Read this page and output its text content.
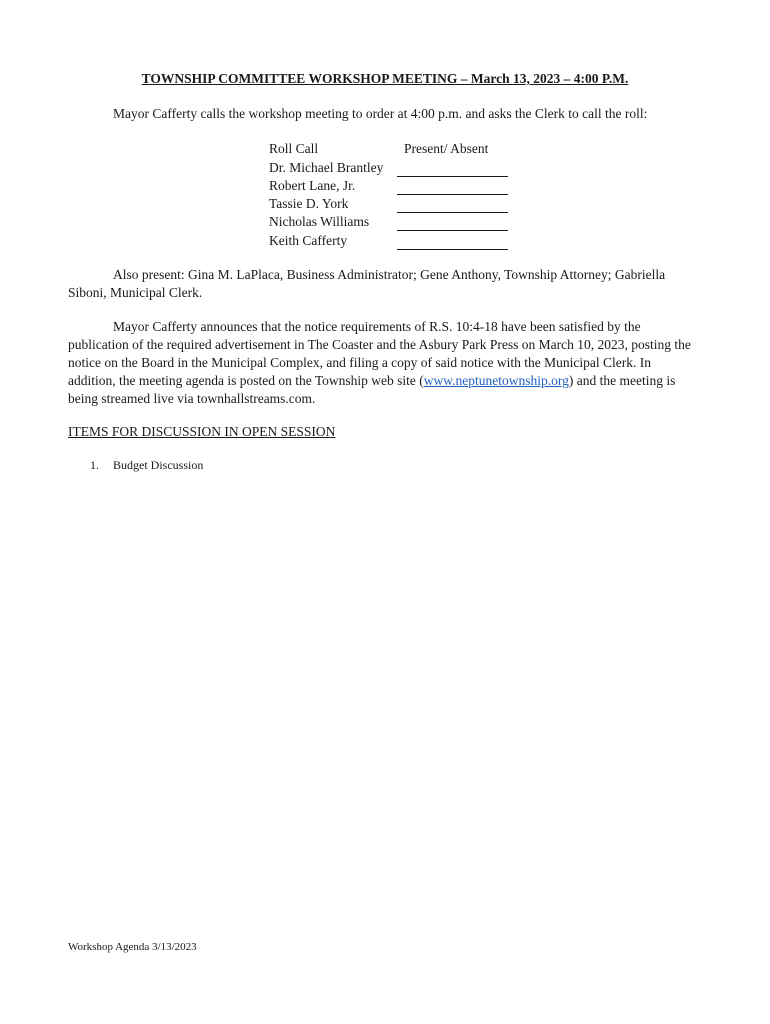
TOWNSHIP COMMITTEE WORKSHOP MEETING – March 13, 2023 – 4:00 P.M.

Mayor Cafferty calls the workshop meeting to order at 4:00 p.m. and asks the Clerk to call the roll:

Roll Call	Present/ Absent
Dr. Michael Brantley
Robert Lane, Jr.
Tassie D. York
Nicholas Williams
Keith Cafferty

Also present: Gina M. LaPlaca, Business Administrator; Gene Anthony, Township Attorney; Gabriella Siboni, Municipal Clerk.

Mayor Cafferty announces that the notice requirements of R.S. 10:4-18 have been satisfied by the publication of the required advertisement in The Coaster and the Asbury Park Press on March 10, 2023, posting the notice on the Board in the Municipal Complex, and filing a copy of said notice with the Municipal Clerk. In addition, the meeting agenda is posted on the Township web site (www.neptunetownship.org) and the meeting is being streamed live via townhallstreams.com.

ITEMS FOR DISCUSSION IN OPEN SESSION
1.	Budget Discussion
Workshop Agenda 3/13/2023
